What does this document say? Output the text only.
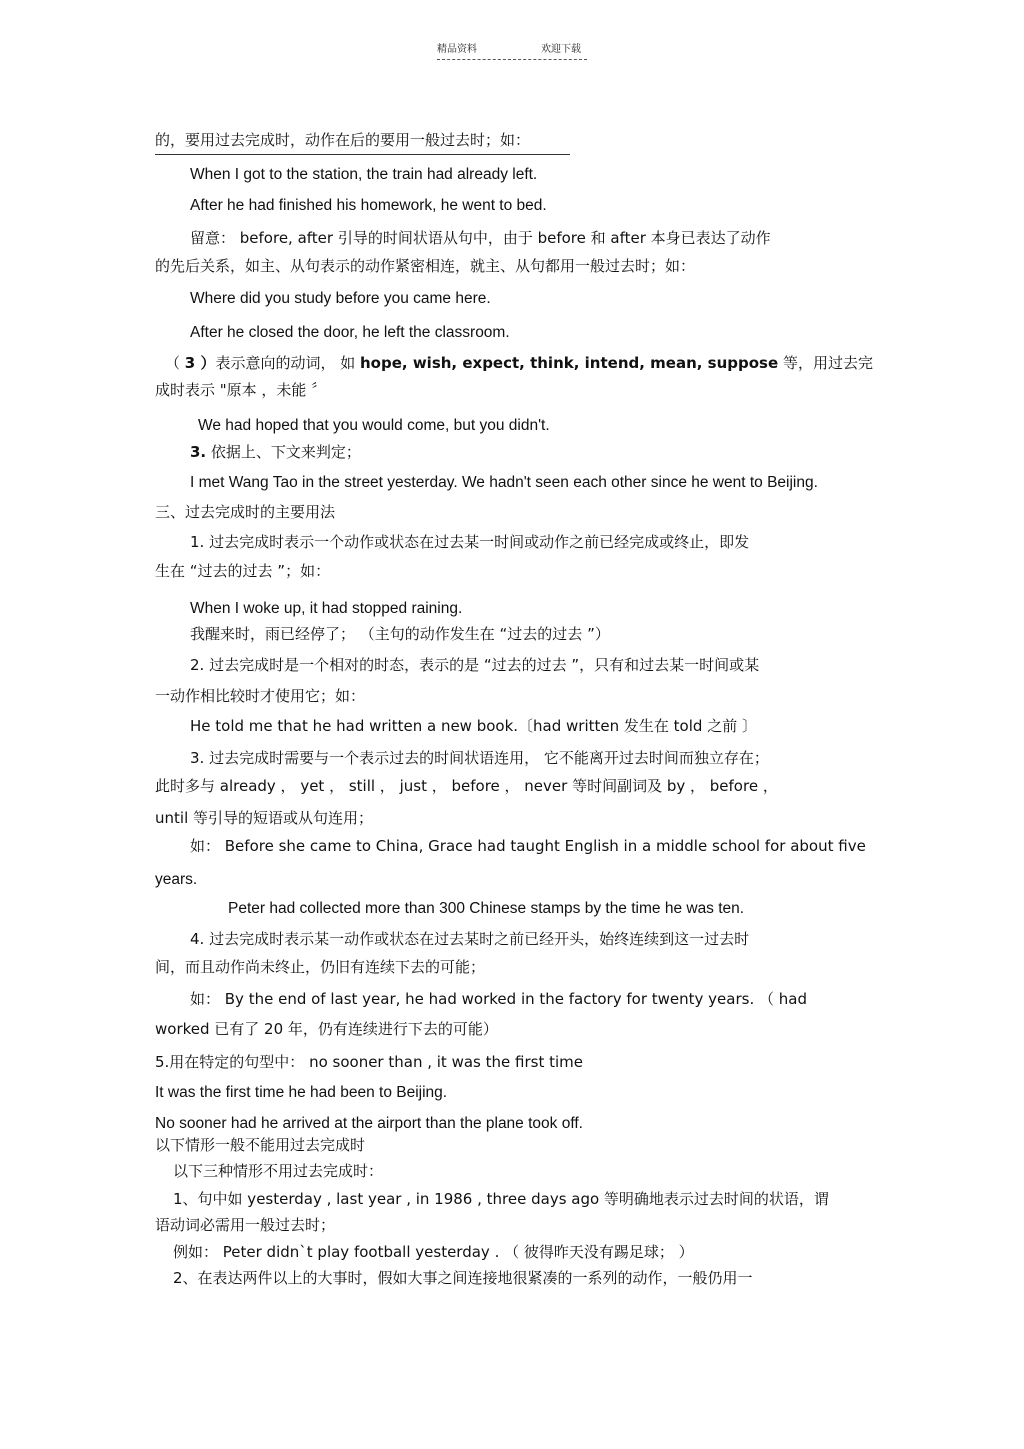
精品资料	欢迎下载
的，要用过去完成时，动作在后的要用一般过去时；如：
When I got to the station, the train had already left.
After he had finished his homework, he went to bed.
留意： before, after 引导的时间状语从句中，由于 before 和 after 本身已表达了动作
的先后关系，如主、从句表示的动作紧密相连，就主、从句都用一般过去时；如：
Where did you study before you came here.
After he closed the door, he left the classroom.
（ 3 ）表示意向的动词， 如 hope, wish, expect, think, intend, mean, suppose 等，用过去完
成时表示 "原本 ，未能 〞
We had hoped that you would come, but you didn't.
3. 依据上、下文来判定；
I met Wang Tao in the street yesterday. We hadn't seen each other since he went to Beijing.
三、过去完成时的主要用法
1. 过去完成时表示一个动作或状态在过去某一时间或动作之前已经完成或终止，即发
生在 “过去的过去 ”；如：
When I woke up, it had stopped raining.
我醒来时，雨已经停了； （主句的动作发生在 “过去的过去 ”）
2. 过去完成时是一个相对的时态，表示的是 “过去的过去 ”，只有和过去某一时间或某
一动作相比较时才使用它；如：
He told me that he had written a new book.〔had written 发生在 told 之前 〕
3. 过去完成时需要与一个表示过去的时间状语连用， 它不能离开过去时间而独立存在；
此时多与 already ， yet ， still ， just ， before ， never 等时间副词及 by ， before ，
until 等引导的短语或从句连用；
如： Before she came to China, Grace had taught English in a middle school for about five
years.
Peter had collected more than 300 Chinese stamps by the time he was ten.
4. 过去完成时表示某一动作或状态在过去某时之前已经开头，始终连续到这一过去时
间，而且动作尚未终止，仍旧有连续下去的可能；
如： By the end of last year, he had worked in the factory for twenty years. （ had
worked 已有了 20 年，仍有连续进行下去的可能）
5.用在特定的句型中： no sooner than , it was the first time
It was the first time he had been to Beijing.
No sooner had he arrived at the airport than the plane took off.
以下情形一般不能用过去完成时
以下三种情形不用过去完成时：
1、句中如 yesterday , last year , in 1986 , three days ago 等明确地表示过去时间的状语，谓
语动词必需用一般过去时；
例如： Peter didn`t play football yesterday . （ 彼得昨天没有踢足球； ）
2、在表达两件以上的大事时，假如大事之间连接地很紧凑的一系列的动作，一般仍用一
